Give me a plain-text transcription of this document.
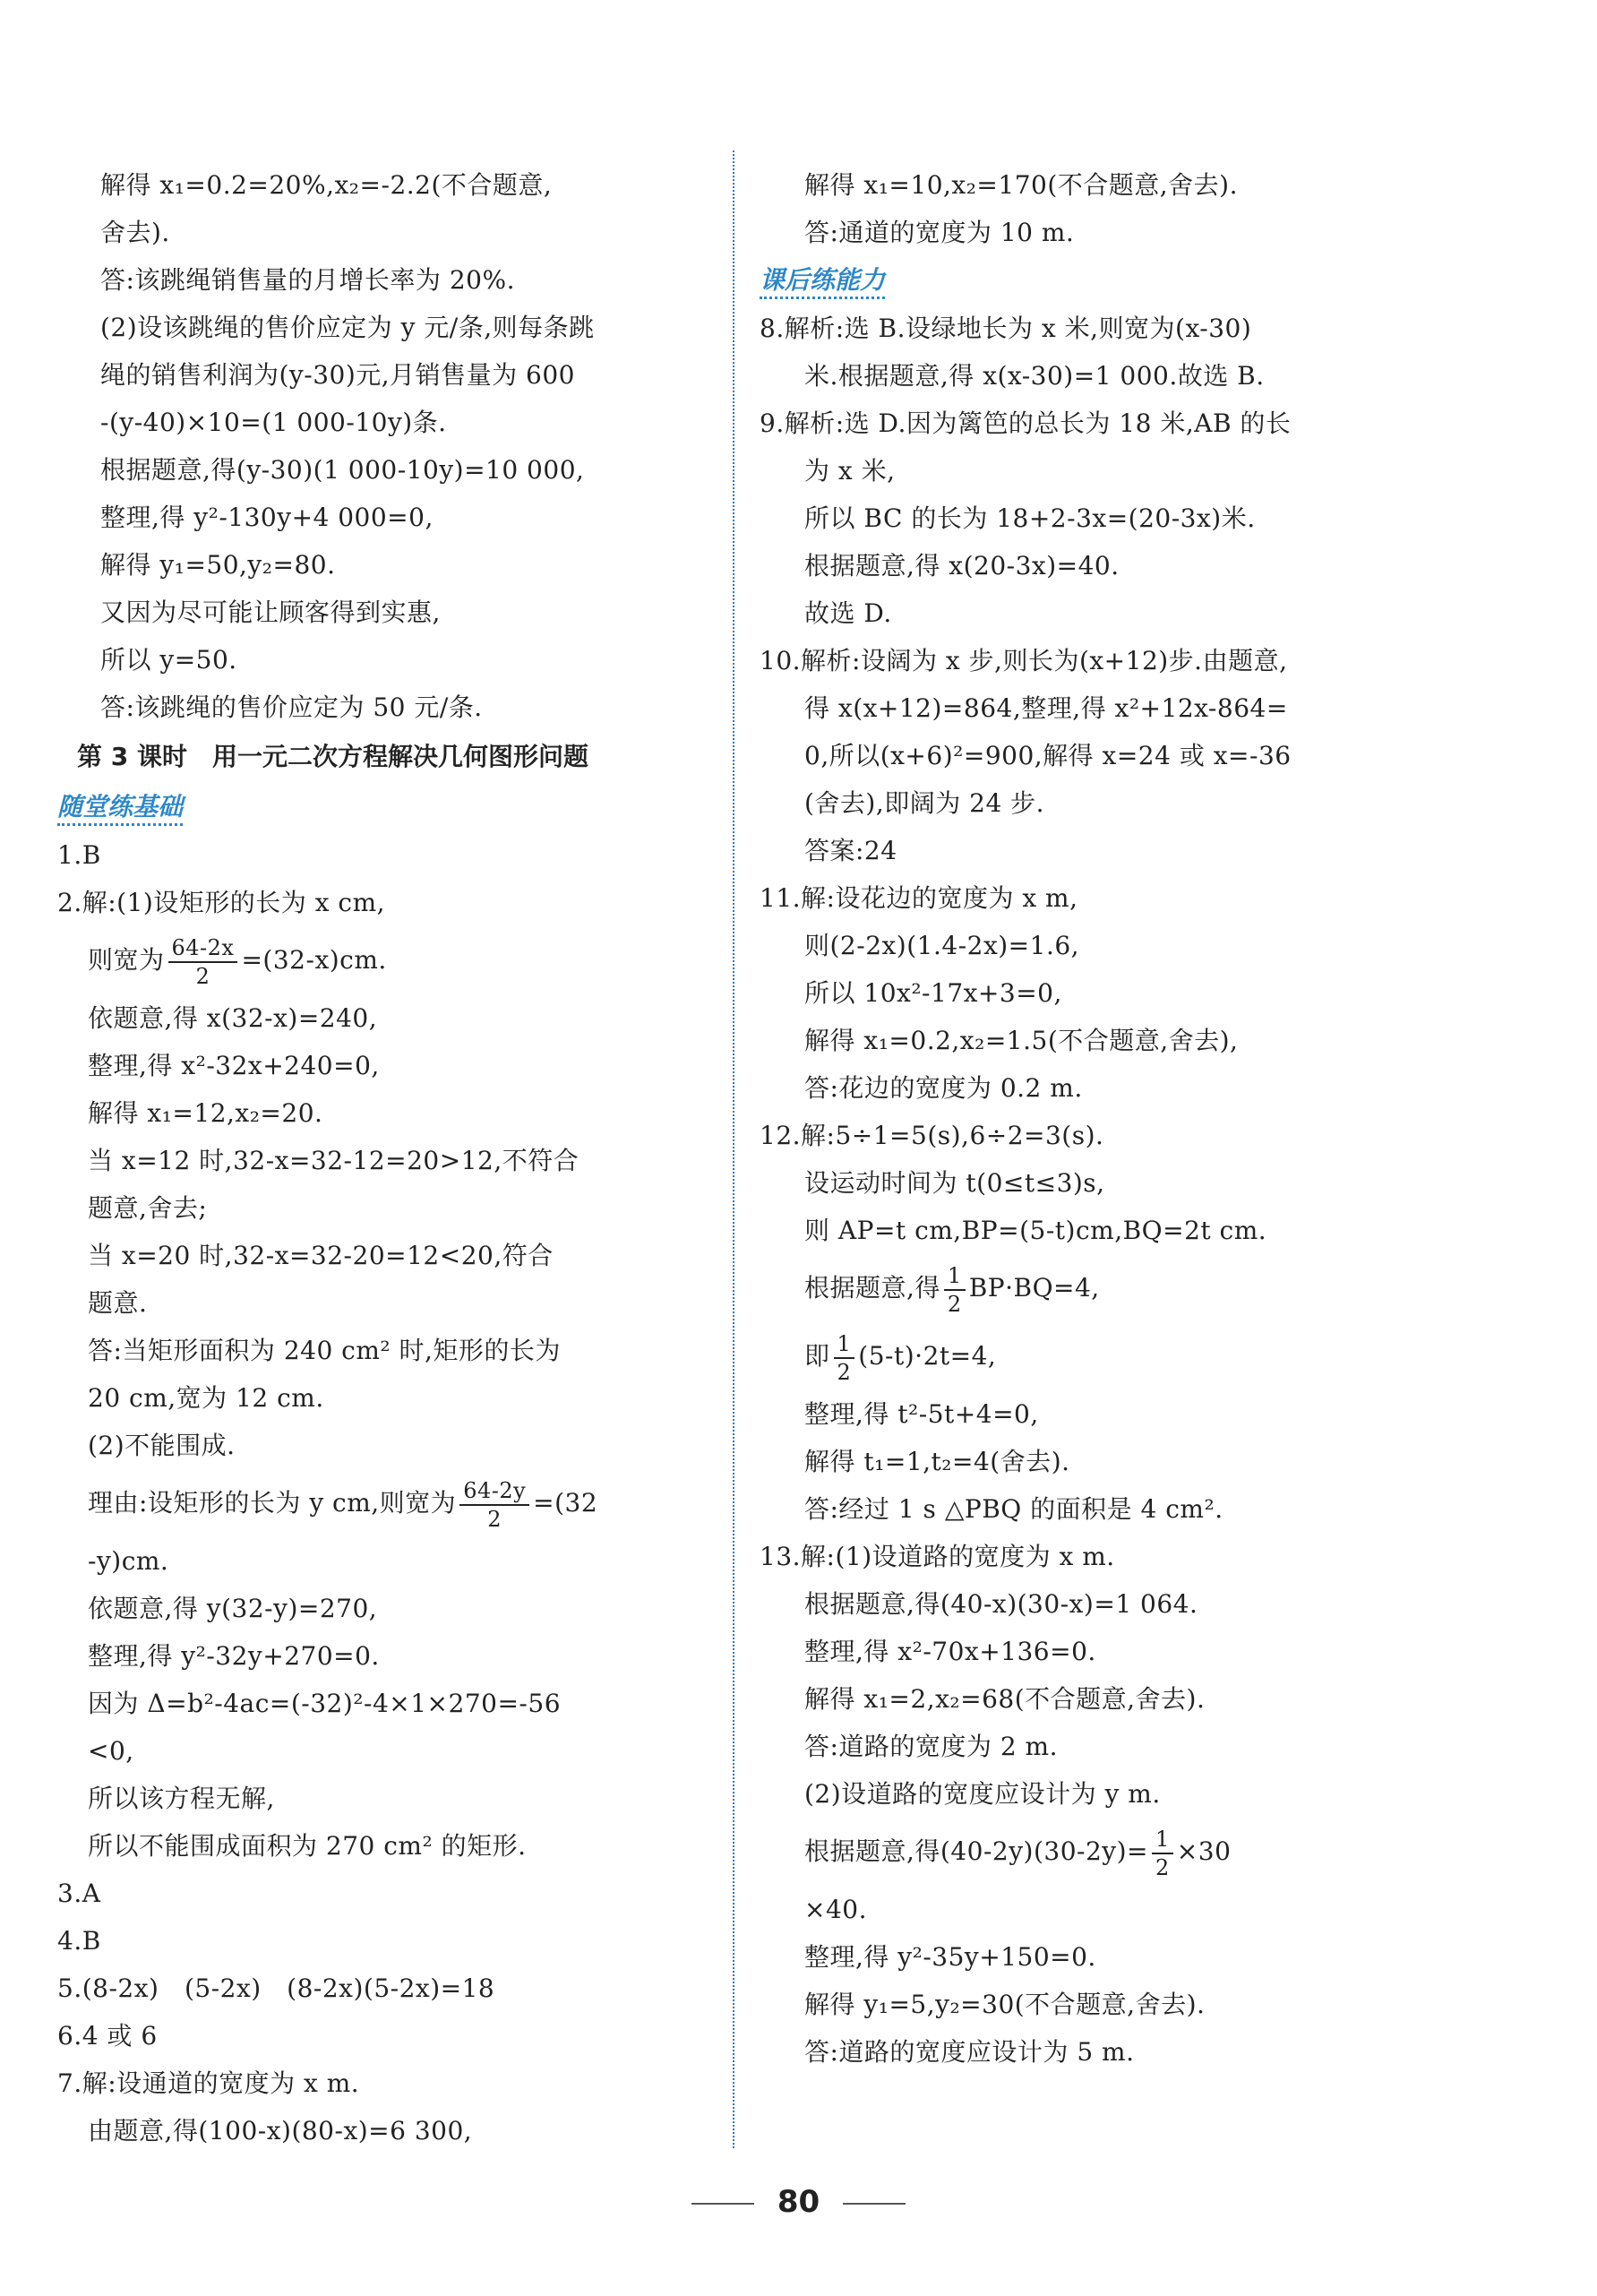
解得 x₁=0.2=20%,x₂=-2.2(不合题意,
舍去).
答:该跳绳销售量的月增长率为 20%.
(2)设该跳绳的售价应定为 y 元/条,则每条跳
绳的销售利润为(y-30)元,月销售量为 600
-(y-40)×10=(1 000-10y)条.
根据题意,得(y-30)(1 000-10y)=10 000,
整理,得 y²-130y+4 000=0,
解得 y₁=50,y₂=80.
又因为尽可能让顾客得到实惠,
所以 y=50.
答:该跳绳的售价应定为 50 元/条.
第 3 课时　用一元二次方程解决几何图形问题
随堂练基础
1.B
2.解:(1)设矩形的长为 x cm,
则宽为 $\frac{64-2x}{2} =(32-x)cm$.
依题意,得 x(32-x)=240,
整理,得 x²-32x+240=0,
解得 x₁=12,x₂=20.
当 x=12 时,32-x=32-12=20>12,不符合
题意,舍去;
当 x=20 时,32-x=32-20=12<20,符合
题意.
答:当矩形面积为 240 cm² 时,矩形的长为
20 cm,宽为 12 cm.
(2)不能围成.
理由:设矩形的长为 y cm,则宽为 $\frac{64-2y}{2} =(32$
-y)cm.
依题意,得 y(32-y)=270,
整理,得 y²-32y+270=0.
因为 Δ=b²-4ac=(-32)²-4×1×270=-56
<0,
所以该方程无解,
所以不能围成面积为 270 cm² 的矩形.
3.A
4.B
5.(8-2x)　(5-2x)　(8-2x)(5-2x)=18
6.4 或 6
7.解:设通道的宽度为 x m.
由题意,得(100-x)(80-x)=6 300,
解得 x₁=10,x₂=170(不合题意,舍去).
答:通道的宽度为 10 m.
课后练能力
8.解析:选 B.设绿地长为 x 米,则宽为(x-30)
米.根据题意,得 x(x-30)=1 000.故选 B.
9.解析:选 D.因为篱笆的总长为 18 米,AB 的长
为 x 米,
所以 BC 的长为 18+2-3x=(20-3x)米.
根据题意,得 x(20-3x)=40.
故选 D.
10.解析:设阔为 x 步,则长为(x+12)步.由题意,
得 x(x+12)=864,整理,得 x²+12x-864=
0,所以(x+6)²=900,解得 x=24 或 x=-36
(舍去),即阔为 24 步.
答案:24
11.解:设花边的宽度为 x m,
则(2-2x)(1.4-2x)=1.6,
所以 10x²-17x+3=0,
解得 x₁=0.2,x₂=1.5(不合题意,舍去),
答:花边的宽度为 0.2 m.
12.解:5÷1=5(s),6÷2=3(s).
设运动时间为 t(0≤t≤3)s,
则 AP=t cm,BP=(5-t)cm,BQ=2t cm.
根据题意,得 $\frac{1}{2} BP\cdot BQ=4$,
即 $\frac{1}{2} (5-t)\cdot 2t=4$,
整理,得 t²-5t+4=0,
解得 t₁=1,t₂=4(舍去).
答:经过 1 s △PBQ 的面积是 4 cm².
13.解:(1)设道路的宽度为 x m.
根据题意,得(40-x)(30-x)=1 064.
整理,得 x²-70x+136=0.
解得 x₁=2,x₂=68(不合题意,舍去).
答:道路的宽度为 2 m.
(2)设道路的宽度应设计为 y m.
根据题意,得$(40-2y)(30-2y)= \frac{1}{2} \times 30$
×40.
整理,得 y²-35y+150=0.
解得 y₁=5,y₂=30(不合题意,舍去).
答:道路的宽度应设计为 5 m.
80
